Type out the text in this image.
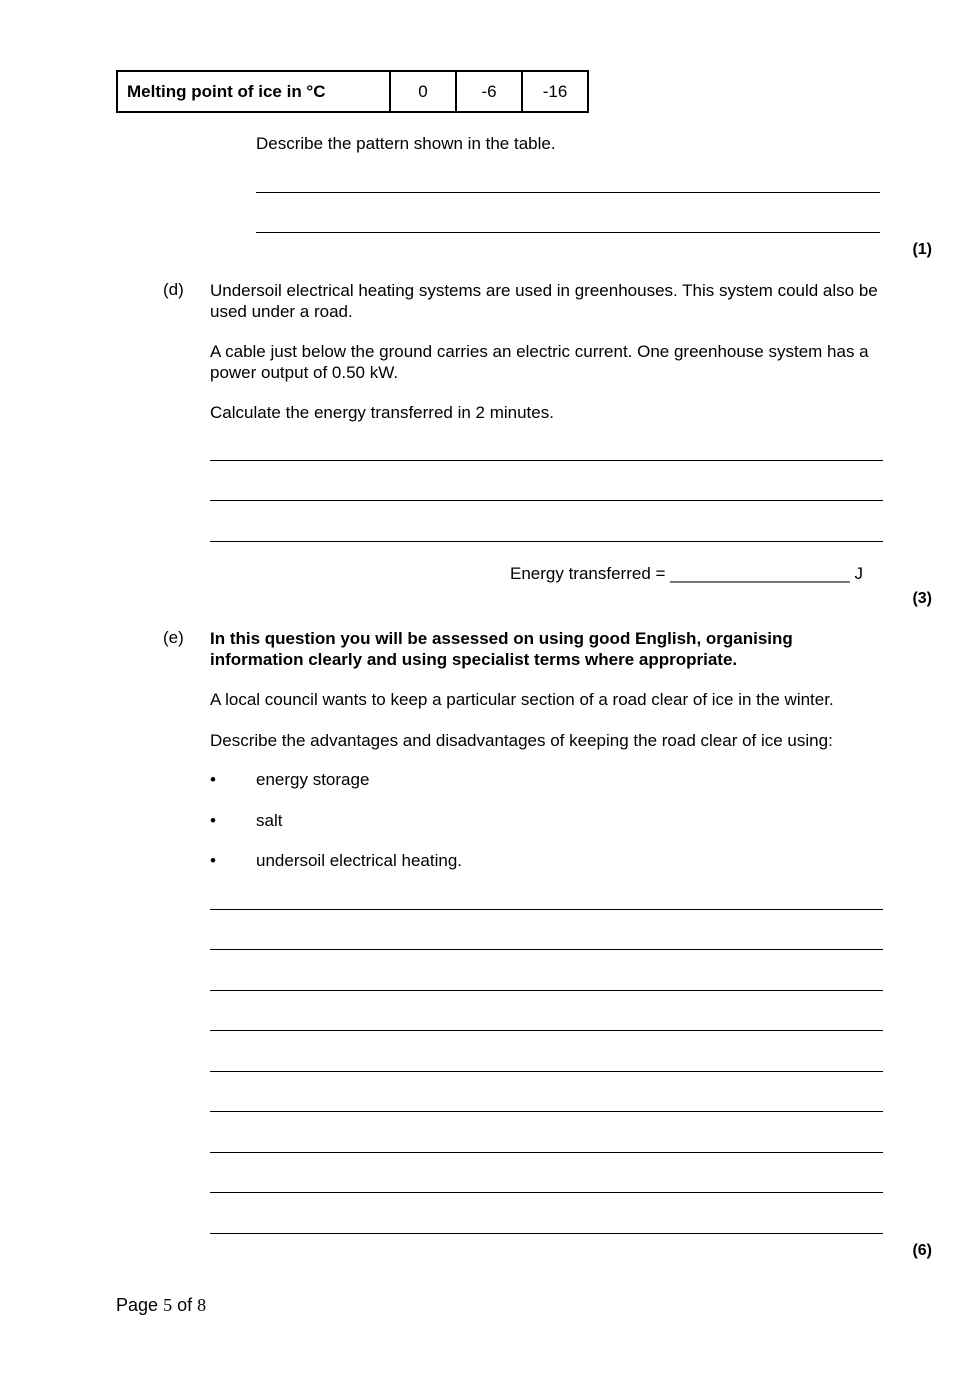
Melting point of ice in °C	0	-6	-16
Describe the pattern shown in the table.
(1)
(d) Undersoil electrical heating systems are used in greenhouses. This system could also be used under a road.
A cable just below the ground carries an electric current. One greenhouse system has a power output of 0.50 kW.
Calculate the energy transferred in 2 minutes.
Energy transferred = ___________________ J
(3)
(e) In this question you will be assessed on using good English, organising information clearly and using specialist terms where appropriate.
A local council wants to keep a particular section of a road clear of ice in the winter.
Describe the advantages and disadvantages of keeping the road clear of ice using:
• energy storage
• salt
• undersoil electrical heating.
(6)
Page 5 of 8
